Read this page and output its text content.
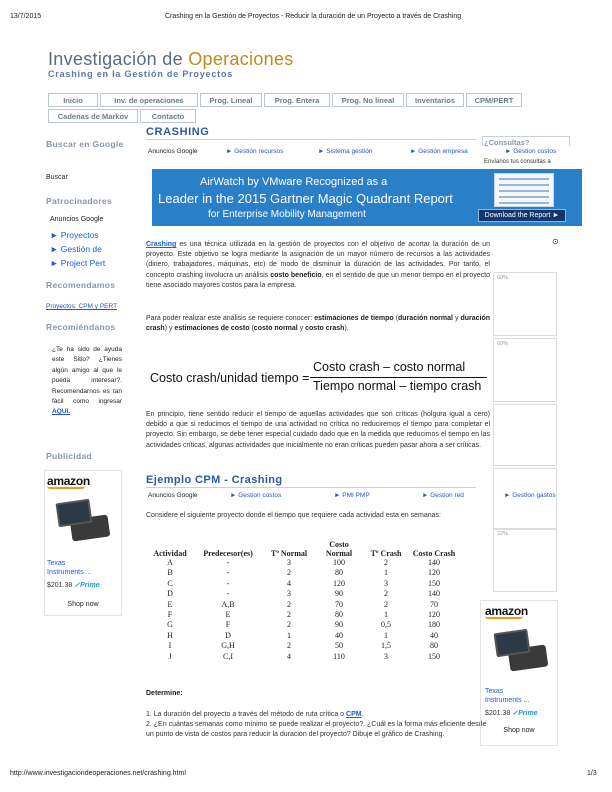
13/7/2015	Crashing en la Gestión de Proyectos - Reducir la duración de un Proyecto a través de Crashing
Investigación de Operaciones
Crashing en la Gestión de Proyectos
Inicio	Inv. de operaciones	Prog. Lineal	Prog. Entera	Prog. No lineal	Inventarios	CPM/PERT
Cadenas de Markov	Contacto
Buscar en Google
Buscar
Patrocinadores
Anuncios Google
► Proyectos
► Gestión de
► Project Pert
Recomendamos
Proyectos: CPM y PERT
Recomiéndanos
¿Te ha sido de ayuda este Sitio? ¿Tienes algún amigo al que le pueda interesar?. Recomendarnos es tan fácil como ingresar AQUI.
Publicidad
amazon
Texas Instruments ...
$201.38 ✓Prime
Shop now
CRASHING
Anuncios Google	► Gestión recursos	► Sistema gestión	► Gestión empresa	► Gestion costos
AirWatch by VMware Recognized as a
Leader in the 2015 Gartner Magic Quadrant Report
for Enterprise Mobility Management	Download the Report ►
⊙
Crashing es una técnica utilizada en la gestión de proyectos con el objetivo de acortar la duración de un proyecto. Este objetivo se logra mediante la asignación de un mayor número de recursos a las actividades (dinero, trabajadores, máquinas, etc) de modo de disminuir la duración de las actividades. Por tanto, el concepto crashing involucra un análisis costo beneficio, en el sentido de que un menor tiempo en el proyecto tiene asociado mayores costos para la empresa.
Para poder realizar este análisis se requiere conocer: estimaciones de tiempo (duración normal y duración crash) y estimaciones de costo (costo normal y costo crash).
Costo crash/unidad tiempo =
Costo crash – costo normal
Tiempo normal – tiempo crash
En principio, tiene sentido reducir el tiempo de aquellas actividades que son críticas (holgura igual a cero) debido a que si reducimos el tiempo de una actividad no crítica no reduciremos el tiempo para completar el proyecto. Sin embargo, se debe tener especial cuidado dado que en la medida que reducimos el tiempo en las actividades críticas, algunas actividades que inicialmente no eran críticas pueden pasar ahora a ser críticas.
Ejemplo CPM - Crashing
Anuncios Google	► Gestion costos	► PMI PMP	► Gestion red	► Gestion gastos
Considere el siguiente proyecto donde el tiempo que requiere cada actividad esta en semanas:
Actividad	Predecesor(es)	Tº Normal	Costo Normal	Tº Crash	Costo Crash
A	-	3	100	2	140
B	-	2	80	1	120
C	-	4	120	3	150
D	-	3	90	2	140
E	A,B	2	70	2	70
F	E	2	80	1	120
G	F	2	90	0,5	180
H	D	1	40	1	40
I	G,H	2	50	1,5	80
J	C,I	4	110	3	150
Determine:
1. La duración del proyecto a través del método de ruta crítica o CPM.
2. ¿En cuántas semanas como mínimo se puede realizar el proyecto?. ¿Cuál es la forma más eficiente desde un punto de vista de costos para reducir la duración del proyecto? Dibuje el gráfico de Crashing.
¿Consultas?
Envíanos tus consultas a
60%
60%
22%
amazon
Texas Instruments ...
$201.38 ✓Prime
Shop now
http://www.investigaciondeoperaciones.net/crashing.html	1/3
